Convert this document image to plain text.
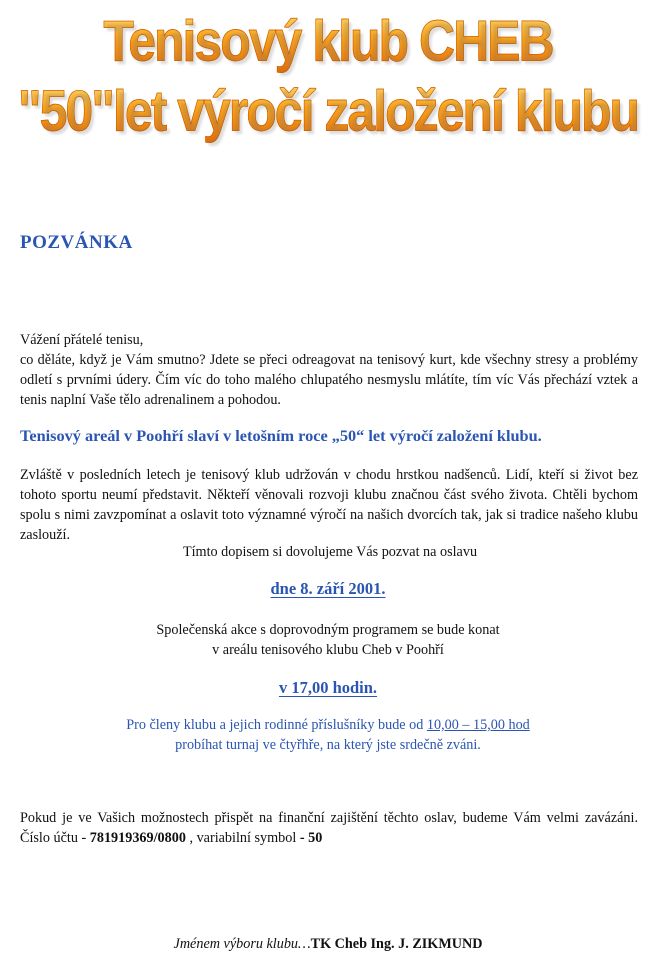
Tenisový klub CHEB
"50"let výročí založení klubu
POZVÁNKA
Vážení přátelé tenisu,
co děláte, když je Vám smutno? Jdete se přeci odreagovat na tenisový kurt, kde všechny stresy a problémy odletí s prvními údery. Čím víc do toho malého chlupatého nesmyslu mlátíte, tím víc Vás přechází vztek a tenis naplní Vaše tělo adrenalinem a pohodou.
Tenisový areál v Poohří slaví v letošním roce „50“ let výročí založení klubu.
Zvláště v posledních letech je tenisový klub udržován v chodu hrstkou nadšenců. Lidí, kteří si život bez tohoto sportu neumí představit. Někteří věnovali rozvoji klubu značnou část svého života. Chtěli bychom spolu s nimi zavzpomínat a oslavit toto významné výročí na našich dvorcích tak, jak si tradice našeho klubu zaslouží.
Tímto dopisem si dovolujeme Vás pozvat na oslavu
dne 8. září 2001.
Společenská akce s doprovodným programem se bude konat
v areálu tenisového klubu Cheb v Poohří
v 17,00 hodin.
Pro členy klubu a jejich rodinné příslušníky bude od 10,00 – 15,00 hod
probíhat turnaj ve čtyřhře, na který jste srdečně zváni.
Pokud je ve Vašich možnostech přispět na finanční zajištění těchto oslav, budeme Vám velmi zavázáni. Číslo účtu - 781919369/0800 , variabilní symbol - 50
Jménem výboru klubu…TK Cheb Ing. J. ZIKMUND
